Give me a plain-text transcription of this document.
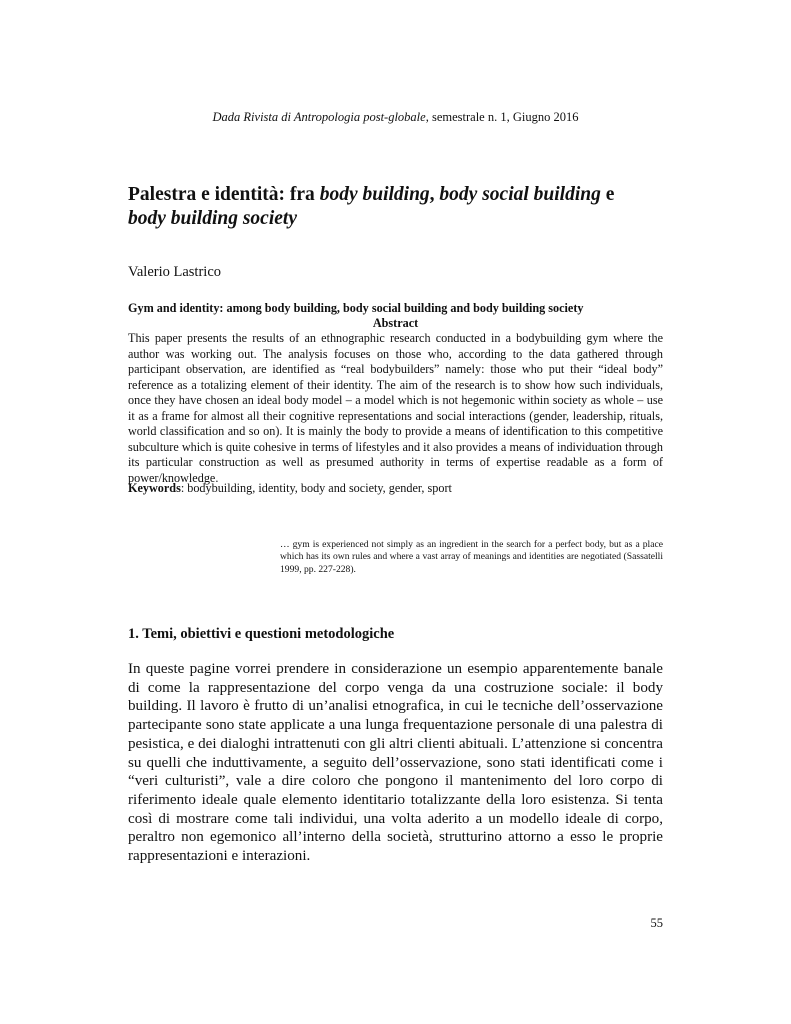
Dada Rivista di Antropologia post-globale, semestrale n. 1, Giugno 2016
Palestra e identità: fra body building, body social building e
body building society
Valerio Lastrico
Gym and identity: among body building, body social building and body building society
Abstract
This paper presents the results of an ethnographic research conducted in a bodybuilding gym where the author was working out. The analysis focuses on those who, according to the data gathered through participant observation, are identified as “real bodybuilders” namely: those who put their “ideal body” reference as a totalizing element of their identity. The aim of the research is to show how such individuals, once they have chosen an ideal body model – a model which is not hegemonic within society as whole – use it as a frame for almost all their cognitive representations and social interactions (gender, leadership, rituals, world classification and so on). It is mainly the body to provide a means of identification to this competitive subculture which is quite cohesive in terms of lifestyles and it also provides a means of individuation through its particular construction as well as presumed authority in terms of expertise readable as a form of power/knowledge.
Keywords: bodybuilding, identity, body and society, gender, sport
… gym is experienced not simply as an ingredient in the search for a perfect body, but as a place which has its own rules and where a vast array of meanings and identities are negotiated (Sassatelli 1999, pp. 227-228).
1. Temi, obiettivi e questioni metodologiche
In queste pagine vorrei prendere in considerazione un esempio apparentemente banale di come la rappresentazione del corpo venga da una costruzione sociale: il body building. Il lavoro è frutto di un’analisi etnografica, in cui le tecniche dell’osservazione partecipante sono state applicate a una lunga frequentazione personale di una palestra di pesistica, e dei dialoghi intrattenuti con gli altri clienti abituali. L’attenzione si concentra su quelli che induttivamente, a seguito dell’osservazione, sono stati identificati come i “veri culturisti”, vale a dire coloro che pongono il mantenimento del loro corpo di riferimento ideale quale elemento identitario totalizzante della loro esistenza. Si tenta così di mostrare come tali individui, una volta aderito a un modello ideale di corpo, peraltro non egemonico all’interno della società, strutturino attorno a esso le proprie rappresentazioni e interazioni.
55
